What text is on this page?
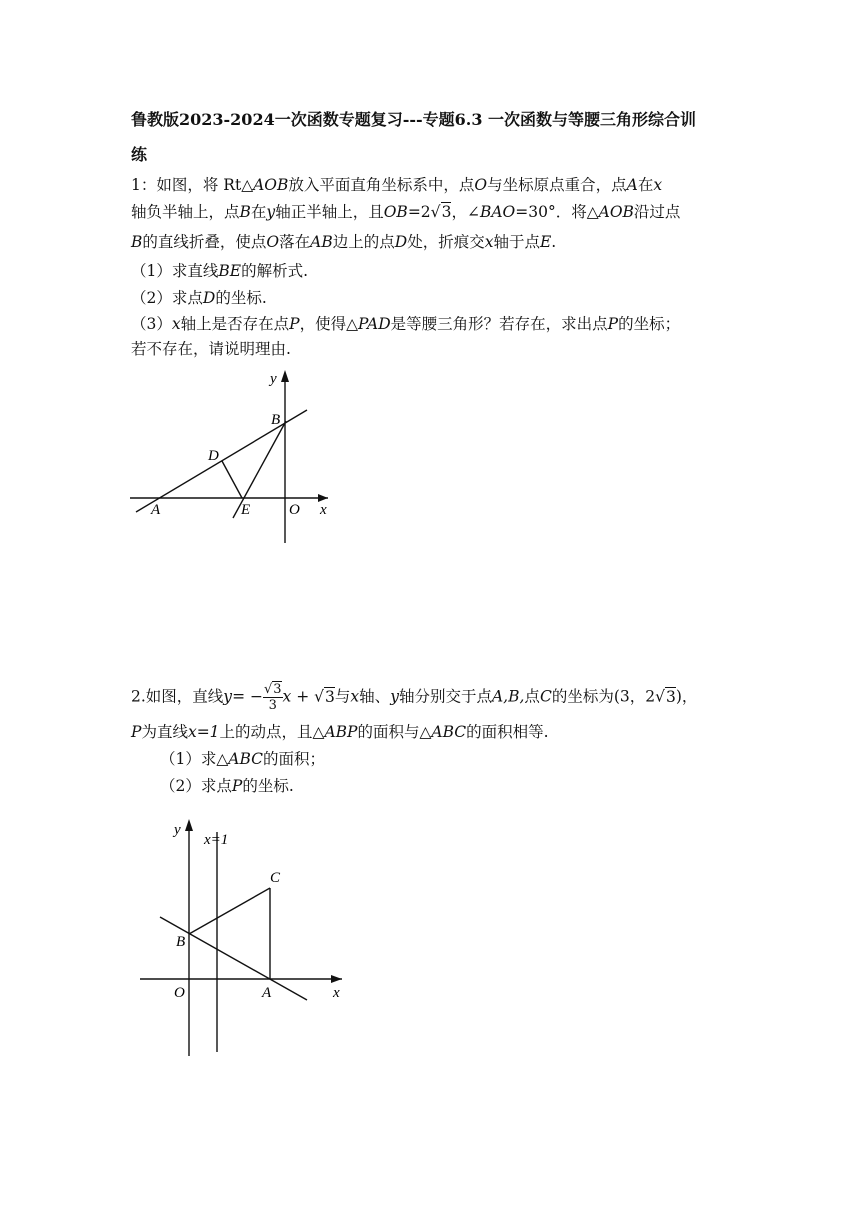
鲁教版2023-2024一次函数专题复习---专题6.3 一次函数与等腰三角形综合训
练
1：如图，将 Rt△AOB放入平面直角坐标系中，点O与坐标原点重合，点A在x
轴负半轴上，点B在y轴正半轴上，且OB=2√3，∠BAO=30°．将△AOB沿过点
B的直线折叠，使点O落在AB边上的点D处，折痕交x轴于点E.
（1）求直线BE的解析式.
（2）求点D的坐标.
（3）x轴上是否存在点P，使得△PAD是等腰三角形？若存在，求出点P的坐标；
若不存在，请说明理由.
y
B
D
A	E	O x
2.如图，直线$y= - \frac{√3}{3}$ x + √3与x轴、y轴分别交于点A,B,点C的坐标为(3，2√3)，
P为直线x=1上的动点，且△ABP的面积与△ABC的面积相等.
（1）求△ABC的面积；
（2）求点P的坐标.
y
x=1
C
B
O	A	x
